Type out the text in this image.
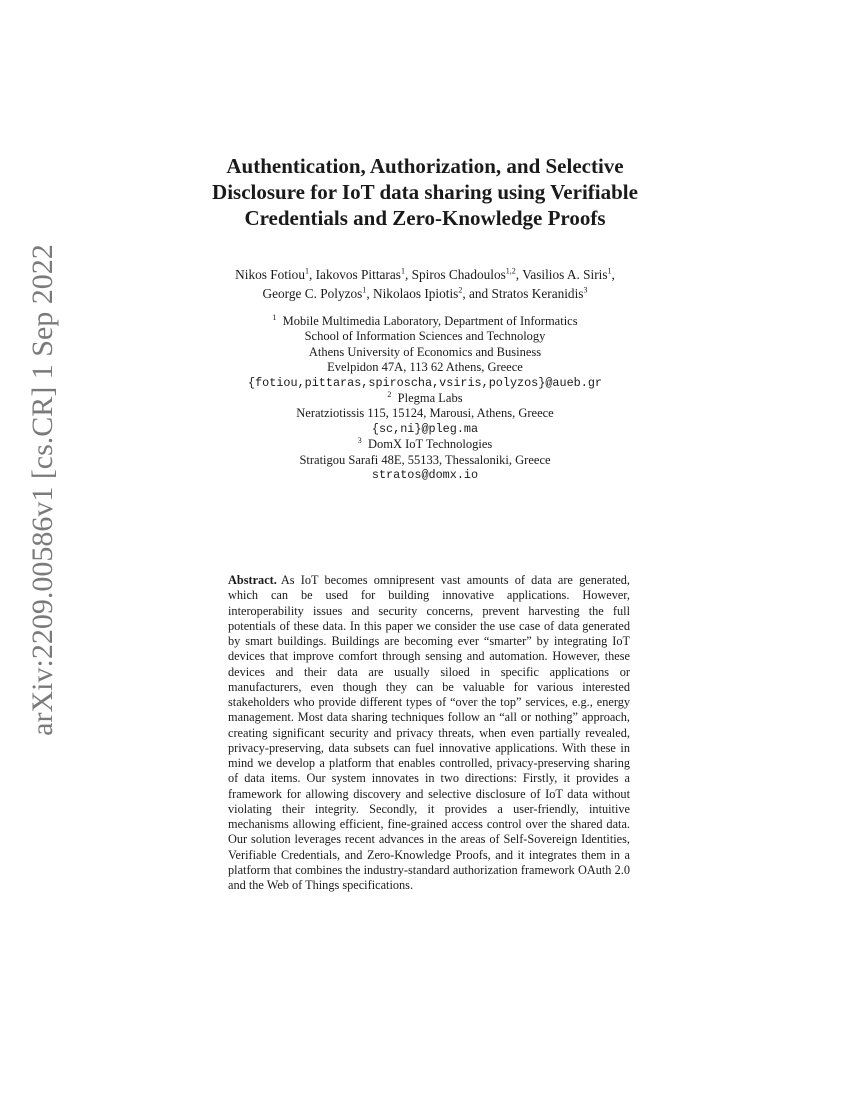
arXiv:2209.00586v1 [cs.CR] 1 Sep 2022
Authentication, Authorization, and Selective
Disclosure for IoT data sharing using Verifiable
Credentials and Zero-Knowledge Proofs
Nikos Fotiou$^1$, Iakovos Pittaras$^1$, Spiros Chadoulos$^{1,2}$, Vasilios A. Siris$^1$,
George C. Polyzos$^1$, Nikolaos Ipiotis$^2$, and Stratos Keranidis$^3$
$^1$ Mobile Multimedia Laboratory, Department of Informatics
School of Information Sciences and Technology
Athens University of Economics and Business
Evelpidon 47A, 113 62 Athens, Greece
{fotiou,pittaras,spiroscha,vsiris,polyzos}@aueb.gr
$^2$ Plegma Labs
Neratziotissis 115, 15124, Marousi, Athens, Greece
{sc,ni}@pleg.ma
$^3$ DomX IoT Technologies
Stratigou Sarafi 48E, 55133, Thessaloniki, Greece
stratos@domx.io
Abstract. As IoT becomes omnipresent vast amounts of data are generated, which can be used for building innovative applications. However, interoperability issues and security concerns, prevent harvesting the full potentials of these data. In this paper we consider the use case of data generated by smart buildings. Buildings are becoming ever “smarter” by integrating IoT devices that improve comfort through sensing and automation. However, these devices and their data are usually siloed in specific applications or manufacturers, even though they can be valuable for various interested stakeholders who provide different types of “over the top” services, e.g., energy management. Most data sharing techniques follow an “all or nothing” approach, creating significant security and privacy threats, when even partially revealed, privacy-preserving, data subsets can fuel innovative applications. With these in mind we develop a platform that enables controlled, privacy-preserving sharing of data items. Our system innovates in two directions: Firstly, it provides a framework for allowing discovery and selective disclosure of IoT data without violating their integrity. Secondly, it provides a user-friendly, intuitive mechanisms allowing efficient, fine-grained access control over the shared data. Our solution leverages recent advances in the areas of Self-Sovereign Identities, Verifiable Credentials, and Zero-Knowledge Proofs, and it integrates them in a platform that combines the industry-standard authorization framework OAuth 2.0 and the Web of Things specifications.
